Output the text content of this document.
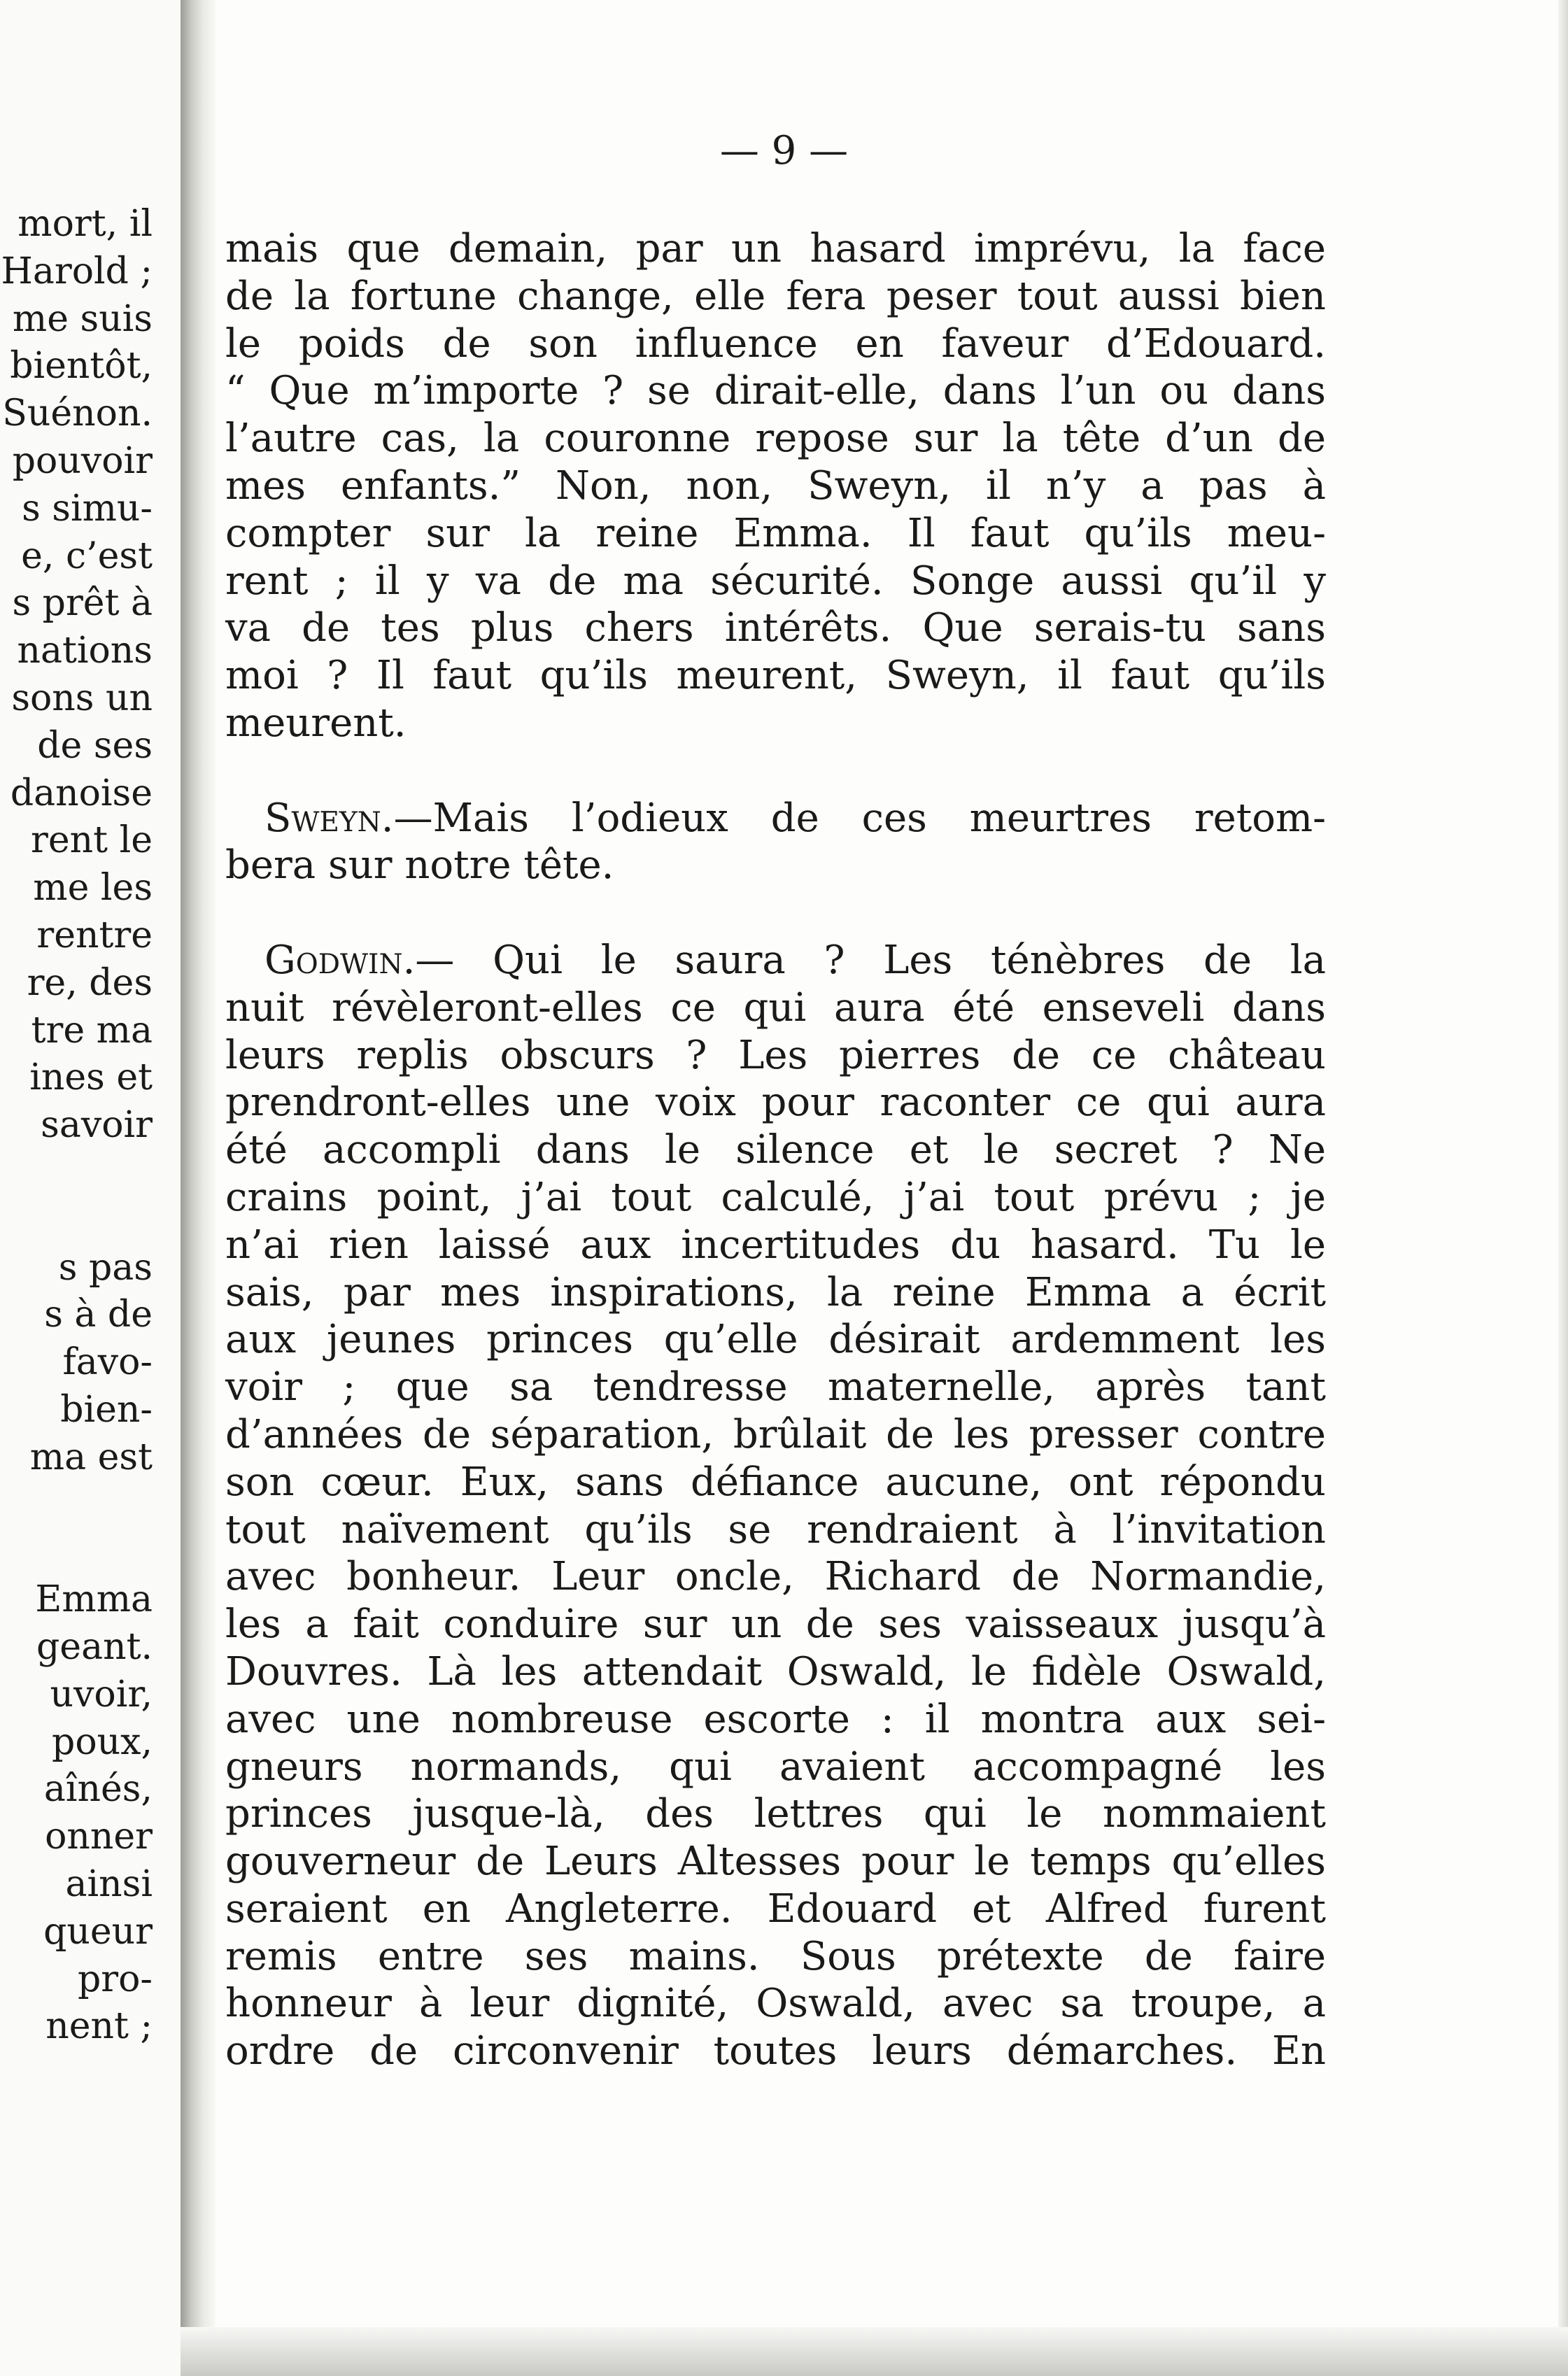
mort, il
Harold ;
me suis
bientôt,
Suénon.
pouvoir
s simu-
e, c’est
s prêt à
nations
sons un
de ses
danoise
rent le
me les
rentre
re, des
tre ma
ines et
savoir
s pas
s à de
favo-
bien-
ma est
Emma
geant.
uvoir,
poux,
aînés,
onner
ainsi
queur
pro-
nent ;
— 9 —
mais que demain, par un hasard imprévu, la face
de la fortune change, elle fera peser tout aussi bien
le poids de son influence en faveur d’Edouard.
“ Que m’importe ? se dirait-elle, dans l’un ou dans
l’autre cas, la couronne repose sur la tête d’un de
mes enfants.” Non, non, Sweyn, il n’y a pas à
compter sur la reine Emma. Il faut qu’ils meu-
rent ; il y va de ma sécurité. Songe aussi qu’il y
va de tes plus chers intérêts. Que serais-tu sans
moi ? Il faut qu’ils meurent, Sweyn, il faut qu’ils
meurent.
Sweyn.—Mais l’odieux de ces meurtres retom-
bera sur notre tête.
Godwin.— Qui le saura ? Les ténèbres de la
nuit révèleront-elles ce qui aura été enseveli dans
leurs replis obscurs ? Les pierres de ce château
prendront-elles une voix pour raconter ce qui aura
été accompli dans le silence et le secret ? Ne
crains point, j’ai tout calculé, j’ai tout prévu ; je
n’ai rien laissé aux incertitudes du hasard. Tu le
sais, par mes inspirations, la reine Emma a écrit
aux jeunes princes qu’elle désirait ardemment les
voir ; que sa tendresse maternelle, après tant
d’années de séparation, brûlait de les presser contre
son cœur. Eux, sans défiance aucune, ont répondu
tout naïvement qu’ils se rendraient à l’invitation
avec bonheur. Leur oncle, Richard de Normandie,
les a fait conduire sur un de ses vaisseaux jusqu’à
Douvres. Là les attendait Oswald, le fidèle Oswald,
avec une nombreuse escorte : il montra aux sei-
gneurs normands, qui avaient accompagné les
princes jusque-là, des lettres qui le nommaient
gouverneur de Leurs Altesses pour le temps qu’elles
seraient en Angleterre. Edouard et Alfred furent
remis entre ses mains. Sous prétexte de faire
honneur à leur dignité, Oswald, avec sa troupe, a
ordre de circonvenir toutes leurs démarches. En
